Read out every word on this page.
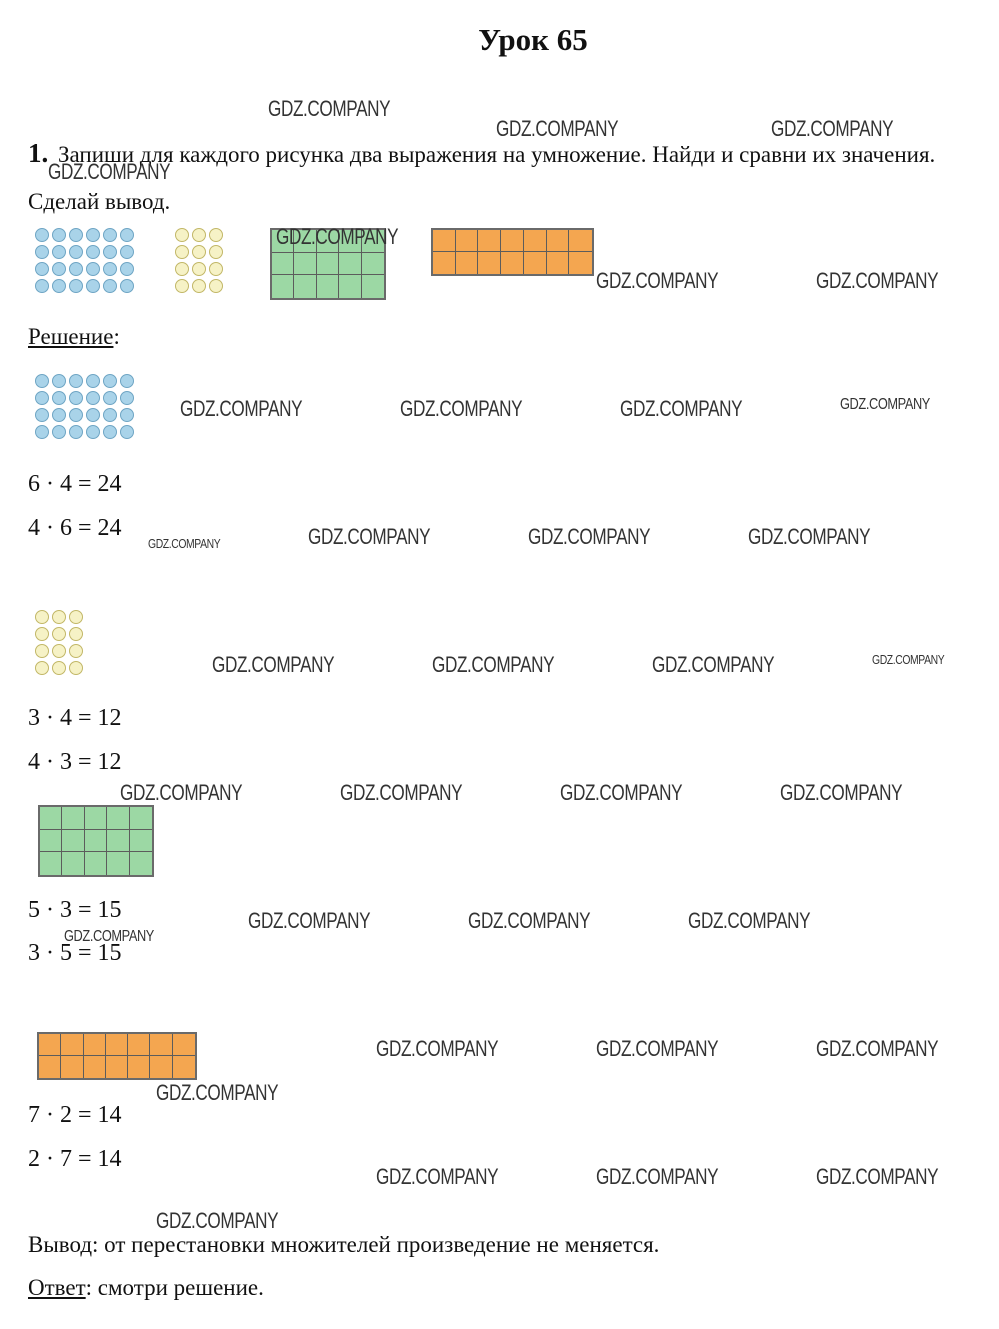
Урок 65
1. Запиши для каждого рисунка два выражения на умножение. Найди и сравни их значения. Сделай вывод.
Решение:
6 · 4 = 24
4 · 6 = 24
3 · 4 = 12
4 · 3 = 12
5 · 3 = 15
3 · 5 = 15
7 · 2 = 14
2 · 7 = 14
Вывод: от перестановки множителей произведение не меняется.
Ответ: смотри решение.
GDZ.COMPANY
GDZ.COMPANY	GDZ.COMPANY
GDZ.COMPANY
GDZ.COMPANY
GDZ.COMPANY	GDZ.COMPANY
GDZ.COMPANY	GDZ.COMPANY	GDZ.COMPANY	GDZ.COMPANY
GDZ.COMPANY	GDZ.COMPANY	GDZ.COMPANY	GDZ.COMPANY
GDZ.COMPANY	GDZ.COMPANY	GDZ.COMPANY	GDZ.COMPANY
GDZ.COMPANY	GDZ.COMPANY	GDZ.COMPANY	GDZ.COMPANY
GDZ.COMPANY	GDZ.COMPANY	GDZ.COMPANY
GDZ.COMPANY
GDZ.COMPANY	GDZ.COMPANY	GDZ.COMPANY
GDZ.COMPANY
GDZ.COMPANY	GDZ.COMPANY	GDZ.COMPANY
GDZ.COMPANY
